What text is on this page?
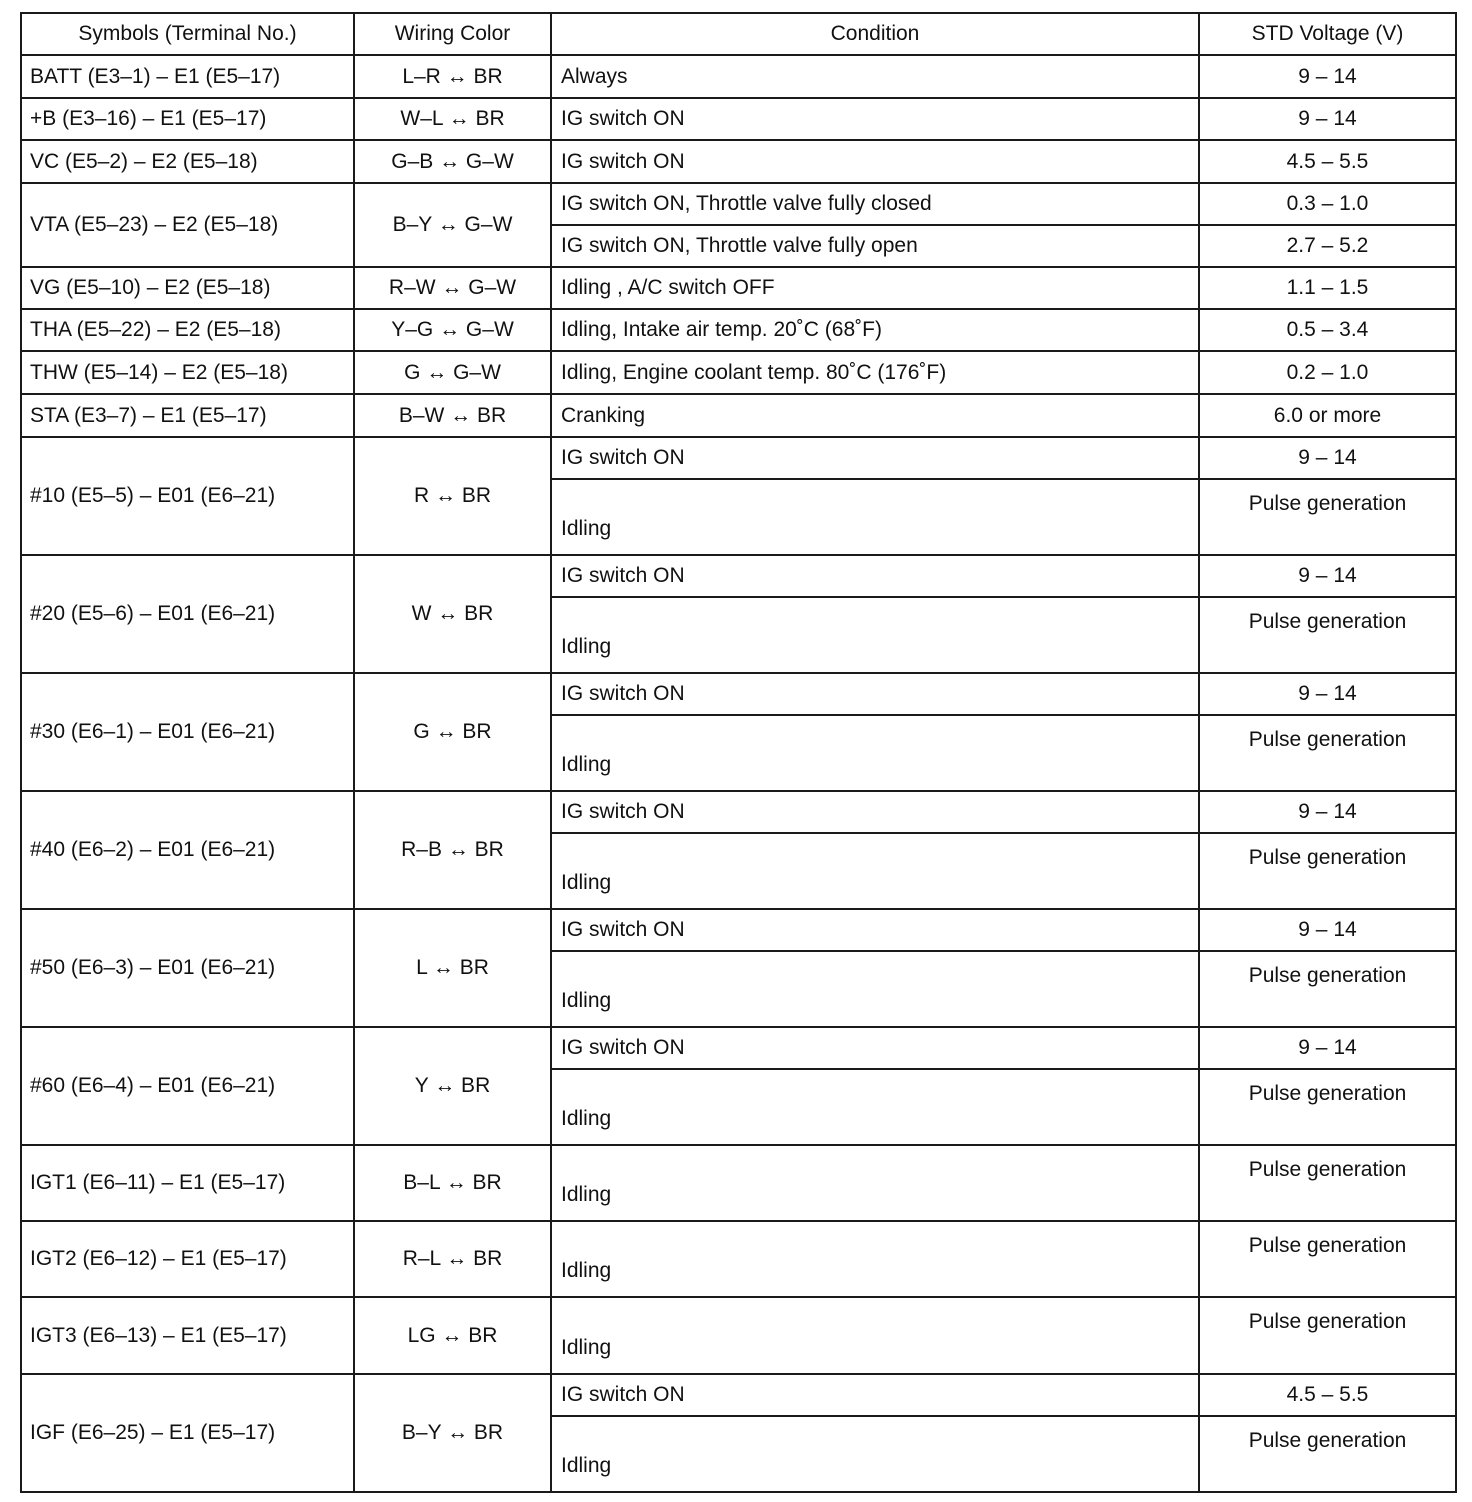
Symbols (Terminal No.)	Wiring Color	Condition	STD Voltage (V)
BATT (E3–1) – E1 (E5–17)	L–R ↔ BR	Always	9 – 14
+B (E3–16) – E1 (E5–17)	W–L ↔ BR	IG switch ON	9 – 14
VC (E5–2) – E2 (E5–18)	G–B ↔ G–W	IG switch ON	4.5 – 5.5
VTA (E5–23) – E2 (E5–18)	B–Y ↔ G–W	IG switch ON, Throttle valve fully closed	0.3 – 1.0
		IG switch ON, Throttle valve fully open	2.7 – 5.2
VG (E5–10) – E2 (E5–18)	R–W ↔ G–W	Idling , A/C switch OFF	1.1 – 1.5
THA (E5–22) – E2 (E5–18)	Y–G ↔ G–W	Idling, Intake air temp. 20˚C (68˚F)	0.5 – 3.4
THW (E5–14) – E2 (E5–18)	G ↔ G–W	Idling, Engine coolant temp. 80˚C (176˚F)	0.2 – 1.0
STA (E3–7) – E1 (E5–17)	B–W ↔ BR	Cranking	6.0 or more
#10 (E5–5) – E01 (E6–21)	R ↔ BR	IG switch ON	9 – 14
		Idling	Pulse generation
#20 (E5–6) – E01 (E6–21)	W ↔ BR	IG switch ON	9 – 14
		Idling	Pulse generation
#30 (E6–1) – E01 (E6–21)	G ↔ BR	IG switch ON	9 – 14
		Idling	Pulse generation
#40 (E6–2) – E01 (E6–21)	R–B ↔ BR	IG switch ON	9 – 14
		Idling	Pulse generation
#50 (E6–3) – E01 (E6–21)	L ↔ BR	IG switch ON	9 – 14
		Idling	Pulse generation
#60 (E6–4) – E01 (E6–21)	Y ↔ BR	IG switch ON	9 – 14
		Idling	Pulse generation
IGT1 (E6–11) – E1 (E5–17)	B–L ↔ BR	Idling	Pulse generation
IGT2 (E6–12) – E1 (E5–17)	R–L ↔ BR	Idling	Pulse generation
IGT3 (E6–13) – E1 (E5–17)	LG ↔ BR	Idling	Pulse generation
IGF (E6–25) – E1 (E5–17)	B–Y ↔ BR	IG switch ON	4.5 – 5.5
		Idling	Pulse generation
